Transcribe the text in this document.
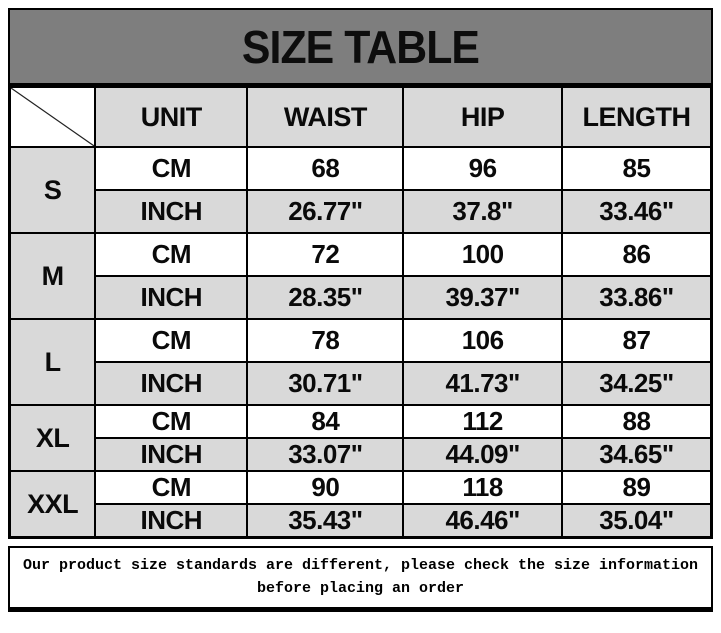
SIZE TABLE
	UNIT	WAIST	HIP	LENGTH
S	CM	68	96	85
	INCH	26.77"	37.8"	33.46"
M	CM	72	100	86
	INCH	28.35"	39.37"	33.86"
L	CM	78	106	87
	INCH	30.71"	41.73"	34.25"
XL	CM	84	112	88
	INCH	33.07"	44.09"	34.65"
XXL	CM	90	118	89
	INCH	35.43"	46.46"	35.04"

Our product size standards are different, please check the size information before placing an order
